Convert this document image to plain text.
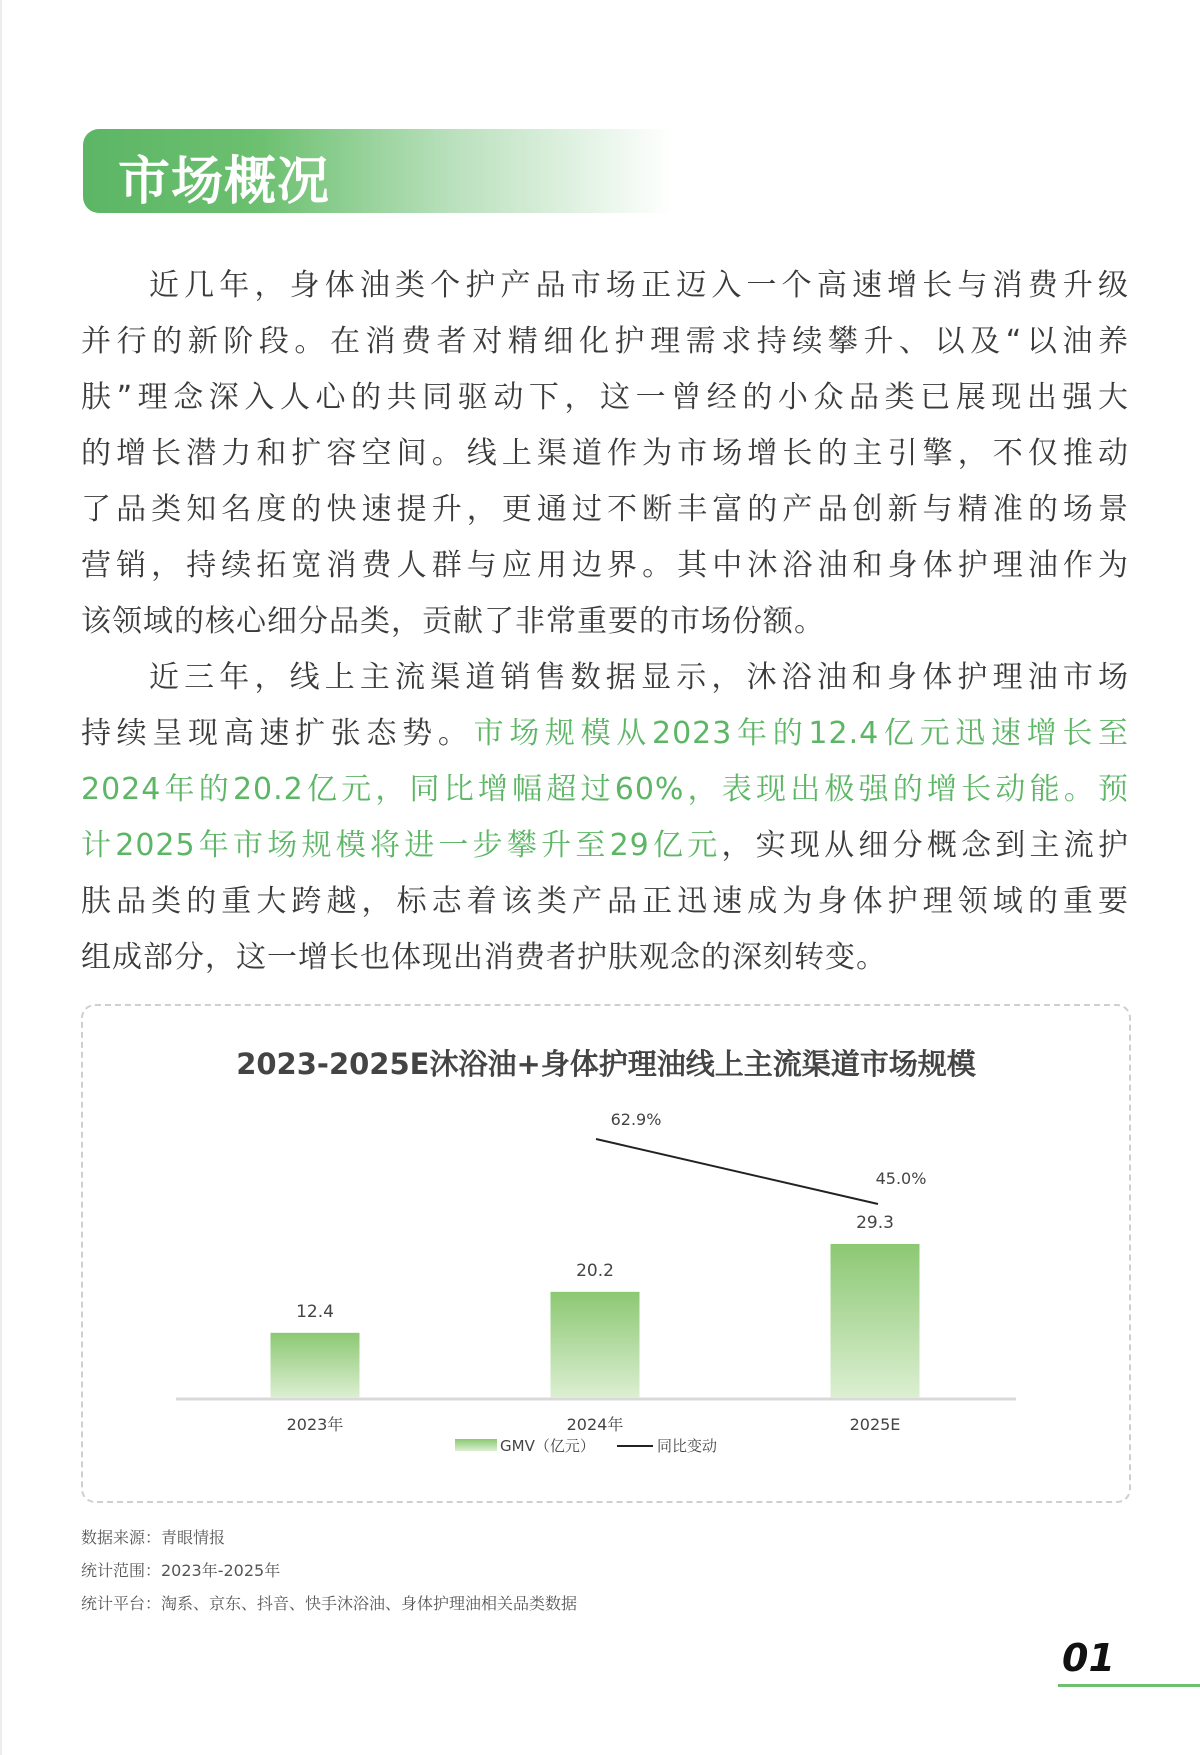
市场概况
近几年，身体油类个护产品市场正迈入一个高速增长与消费升级
并行的新阶段。在消费者对精细化护理需求持续攀升、以及“以油养
肤”理念深入人心的共同驱动下，这一曾经的小众品类已展现出强大
的增长潜力和扩容空间。线上渠道作为市场增长的主引擎，不仅推动
了品类知名度的快速提升，更通过不断丰富的产品创新与精准的场景
营销，持续拓宽消费人群与应用边界。其中沐浴油和身体护理油作为
该领域的核心细分品类，贡献了非常重要的市场份额。
近三年，线上主流渠道销售数据显示，沐浴油和身体护理油市场
持续呈现高速扩张态势。市场规模从2023年的12.4亿元迅速增长至
2024年的20.2亿元，同比增幅超过60%，表现出极强的增长动能。预
计2025年市场规模将进一步攀升至29亿元，实现从细分概念到主流护
肤品类的重大跨越，标志着该类产品正迅速成为身体护理领域的重要
组成部分，这一增长也体现出消费者护肤观念的深刻转变。
2023-2025E沐浴油+身体护理油线上主流渠道市场规模
12.4
2023年
20.2
2024年
29.3
2025E
62.9%
45.0%
GMV（亿元）	同比变动
数据来源：青眼情报
统计范围：2023年-2025年
统计平台：淘系、京东、抖音、快手沐浴油、身体护理油相关品类数据
01
